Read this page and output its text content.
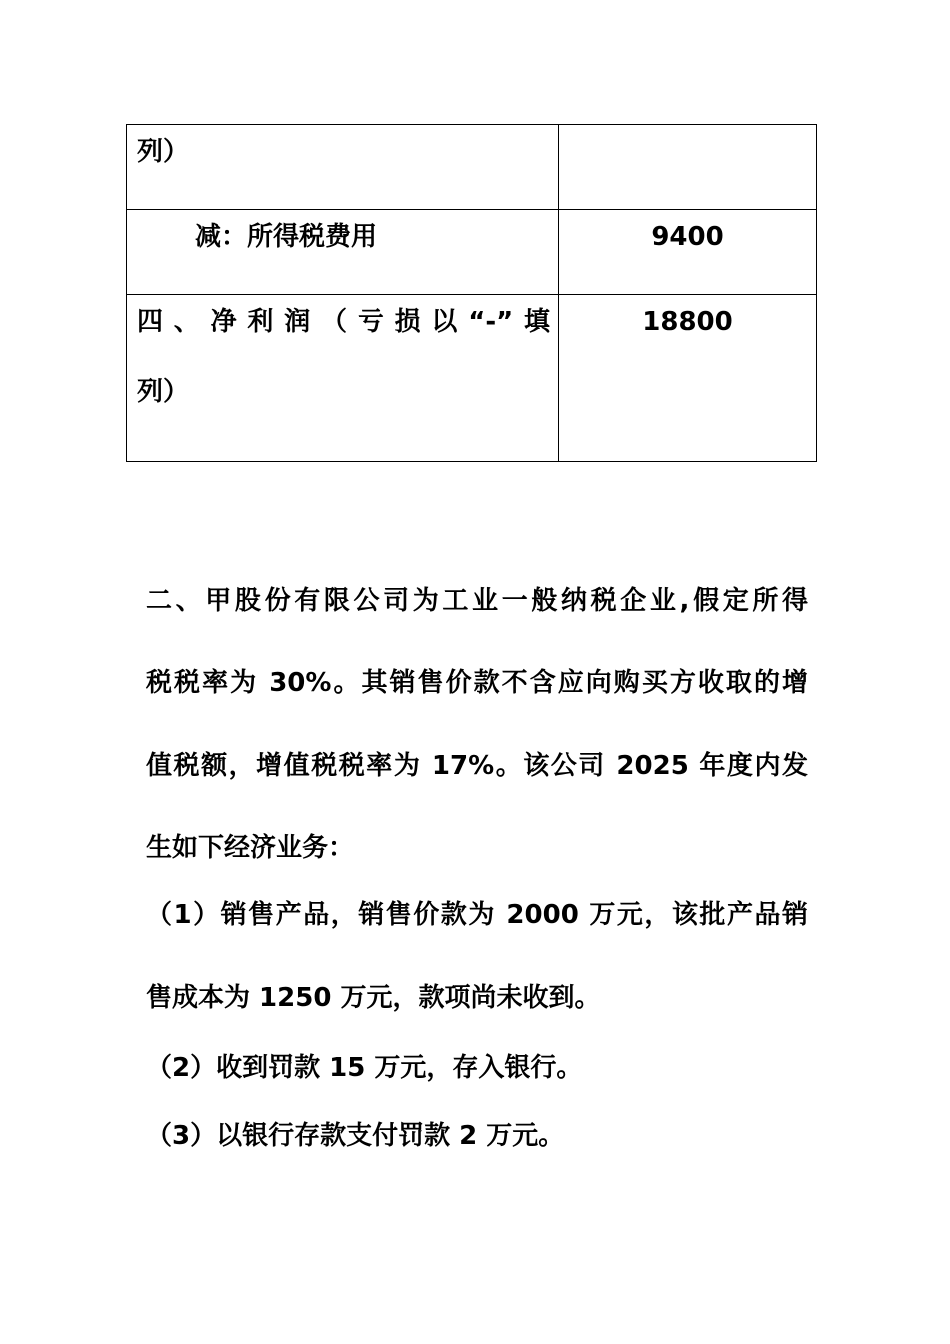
列）	
减：所得税费用	9400

四、净利润（亏损以“-”填
列）	18800
二、甲股份有限公司为工业一般纳税企业,假定所得
税税率为 30%。其销售价款不含应向购买方收取的增
值税额，增值税税率为 17%。该公司 2025 年度内发
生如下经济业务：
（1）销售产品，销售价款为 2000 万元，该批产品销
售成本为 1250 万元，款项尚未收到。
（2）收到罚款 15 万元，存入银行。
（3）以银行存款支付罚款 2 万元。
